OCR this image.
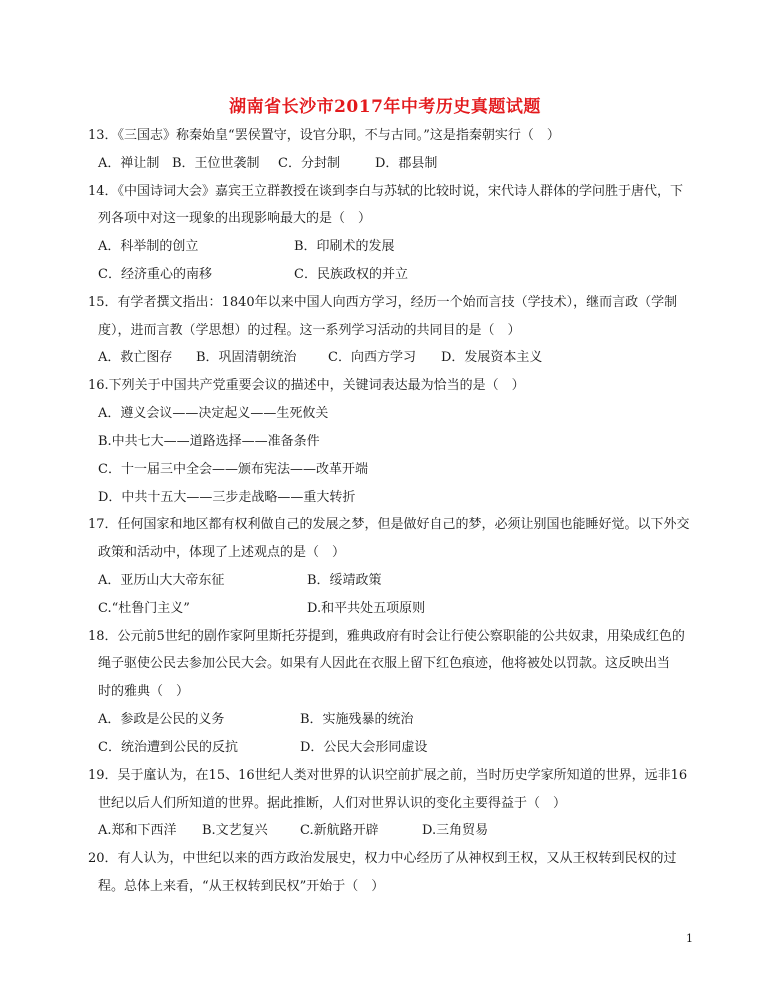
湖南省长沙市2017年中考历史真题试题
13．《三国志》称秦始皇“罢侯置守，设官分职，不与古同。”这是指秦朝实行（　）
A．禅让制 B．王位世袭制 C．分封制	D．郡县制
14．《中国诗词大会》嘉宾王立群教授在谈到李白与苏轼的比较时说，宋代诗人群体的学问胜于唐代，下
列各项中对这一现象的出现影响最大的是（　）
A．科举制的创立	B．印刷术的发展
C．经济重心的南移	C．民族政权的并立
15．有学者撰文指出：1840年以来中国人向西方学习，经历一个始而言技（学技术），继而言政（学制
度），进而言教（学思想）的过程。这一系列学习活动的共同目的是（　）
A．救亡图存 B．巩固清朝统治 C．向西方学习 D．发展资本主义
16.下列关于中国共产党重要会议的描述中，关键词表达最为恰当的是（　）
A．遵义会议——决定起义——生死攸关
B.中共七大——道路选择——准备条件
C．十一届三中全会——颁布宪法——改革开端
D．中共十五大——三步走战略——重大转折
17．任何国家和地区都有权利做自己的发展之梦，但是做好自己的梦，必须让别国也能睡好觉。以下外交
政策和活动中，体现了上述观点的是（　）
A．亚历山大大帝东征	B．绥靖政策
C.“杜鲁门主义”	D.和平共处五项原则
18．公元前5世纪的剧作家阿里斯托芬提到，雅典政府有时会让行使公察职能的公共奴隶，用染成红色的
绳子驱使公民去参加公民大会。如果有人因此在衣服上留下红色痕迹，他将被处以罚款。这反映出当
时的雅典（　）
A．参政是公民的义务	B．实施残暴的统治
C．统治遭到公民的反抗	D．公民大会形同虚设
19．吴于廑认为，在15、16世纪人类对世界的认识空前扩展之前，当时历史学家所知道的世界，远非16
世纪以后人们所知道的世界。据此推断，人们对世界认识的变化主要得益于（　）
A.郑和下西洋 B.文艺复兴 C.新航路开辟	D.三角贸易
20．有人认为，中世纪以来的西方政治发展史，权力中心经历了从神权到王权，又从王权转到民权的过
程。总体上来看，“从王权转到民权”开始于（　）
1
